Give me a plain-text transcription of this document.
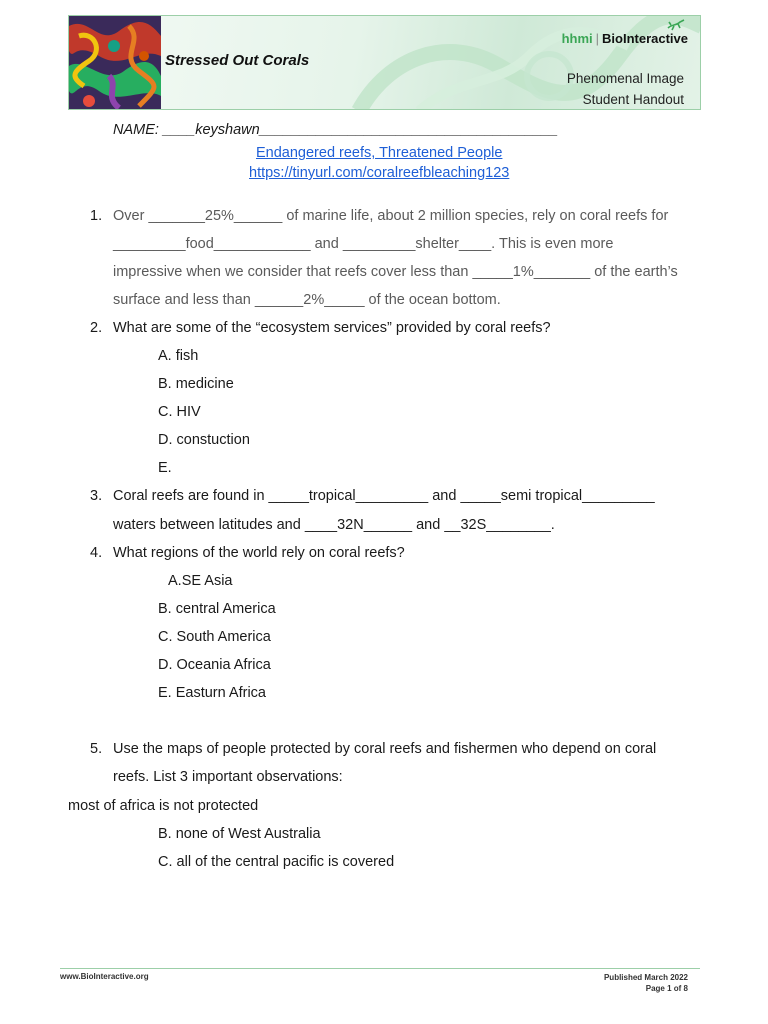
Stressed Out Corals
hhmi | BioInteractive
Phenomenal Image
Student Handout
NAME: ____keyshawn_____________________________________
Endangered reefs, Threatened People
https://tinyurl.com/coralreefbleaching123
1. Over _______25%______ of marine life, about 2 million species, rely on coral reefs for
_________food____________ and _________shelter____. This is even more
impressive when we consider that reefs cover less than _____1%_______ of the earth’s
surface and less than ______2%_____ of the ocean bottom.
2. What are some of the “ecosystem services” provided by coral reefs?
A. fish
B. medicine
C. HIV
D. constuction
E.
3. Coral reefs are found in _____tropical_________ and _____semi tropical_________
waters between latitudes and ____32N______ and __32S________.
4. What regions of the world rely on coral reefs?
A.SE Asia
B. central America
C. South America
D. Oceania Africa
E. Easturn Africa
5. Use the maps of people protected by coral reefs and fishermen who depend on coral
reefs. List 3 important observations:
most of africa is not protected
B. none of West Australia
C. all of the central pacific is covered
www.BioInteractive.org	Published March 2022
Page 1 of 8
